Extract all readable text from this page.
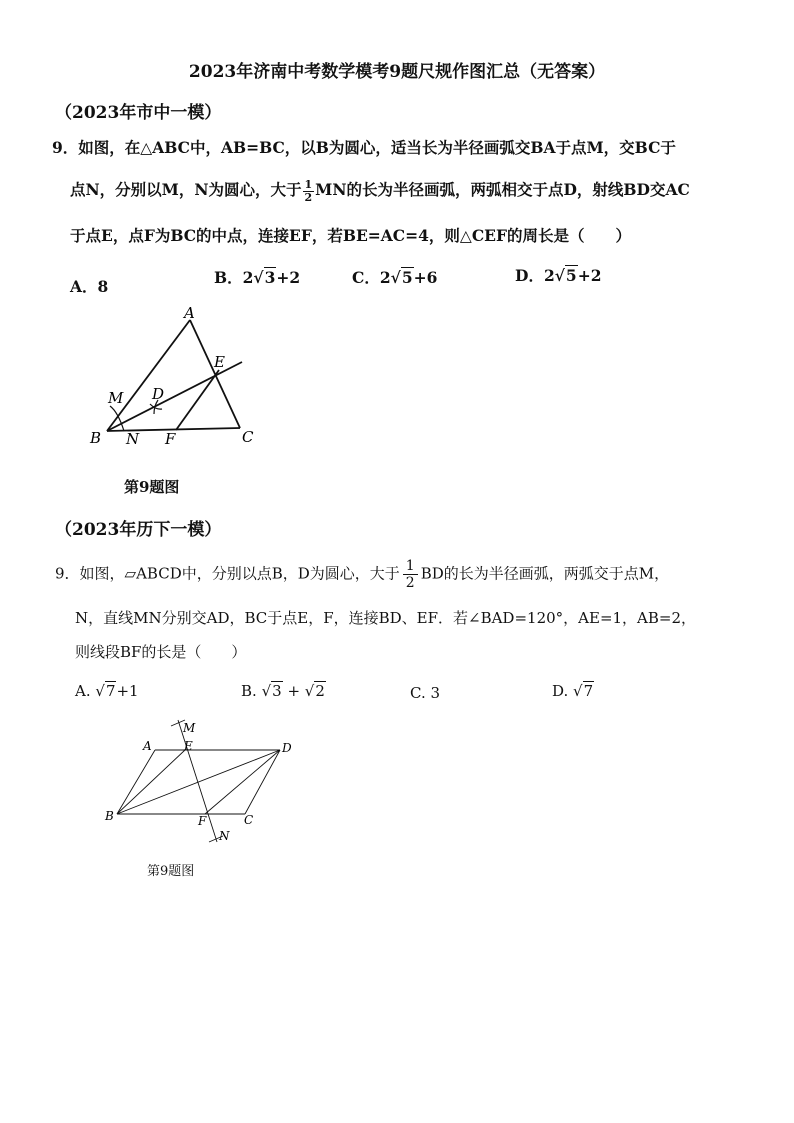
2023年济南中考数学模考9题尺规作图汇总（无答案）
（2023年市中一模）
9．如图，在△ABC中，AB=BC，以B为圆心，适当长为半径画弧交BA于点M，交BC于
点N，分别以M，N为圆心，大于 $\frac{1}{2}$ MN的长为半径画弧，两弧相交于点D，射线BD交AC
于点E，点F为BC的中点，连接EF，若BE=AC=4，则△CEF的周长是（　　）
A．8	B．2√3+2	C．2√5+6	D．2√5+2
A
B	C
D
E
F
M
N
第9题图
（2023年历下一模）
9．如图，▱ABCD中，分别以点B，D为圆心，大于 $\frac{1}{2}$ BD的长为半径画弧，两弧交于点M，
N，直线MN分别交AD，BC于点E，F，连接BD、EF．若∠BAD=120°，AE=1，AB=2，
则线段BF的长是（　　）
A. √7+1	B. √3 + √2	C. 3	D. √7
A
B	C
D
E
F
M
N
第9题图
